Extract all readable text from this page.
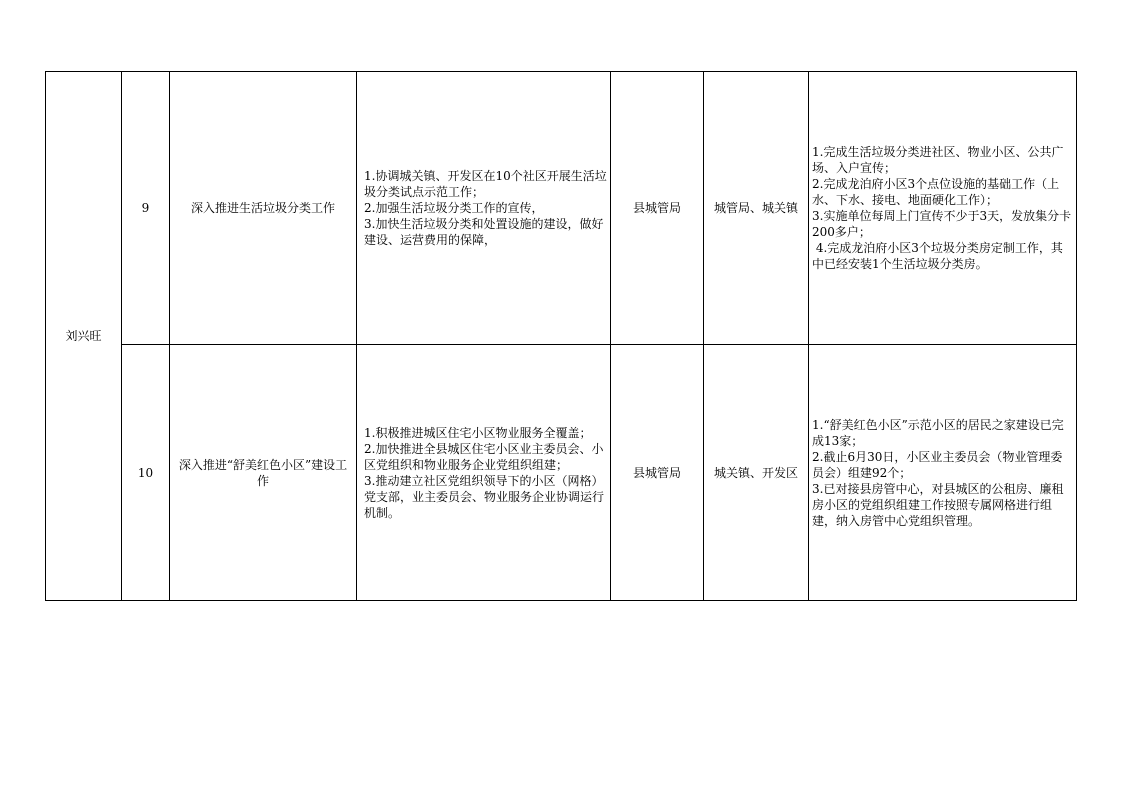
刘兴旺	9	深入推进生活垃圾分类工作	1.协调城关镇、开发区在10个社区开展生活垃圾分类试点示范工作；
2.加强生活垃圾分类工作的宣传，
3.加快生活垃圾分类和处置设施的建设，做好建设、运营费用的保障，	县城管局	城管局、城关镇	1.完成生活垃圾分类进社区、物业小区、公共广场、入户宣传；
2.完成龙泊府小区3个点位设施的基础工作（上水、下水、接电、地面硬化工作）；
3.实施单位每周上门宣传不少于3天，发放集分卡200多户；
4.完成龙泊府小区3个垃圾分类房定制工作，其中已经安装1个生活垃圾分类房。

	10	深入推进“舒美红色小区”建设工作	1.积极推进城区住宅小区物业服务全覆盖；
2.加快推进全县城区住宅小区业主委员会、小区党组织和物业服务企业党组织组建；
3.推动建立社区党组织领导下的小区（网格）党支部，业主委员会、物业服务企业协调运行机制。	县城管局	城关镇、开发区	1.“舒美红色小区”示范小区的居民之家建设已完成13家；
2.截止6月30日，小区业主委员会（物业管理委员会）组建92个；
3.已对接县房管中心，对县城区的公租房、廉租房小区的党组织组建工作按照专属网格进行组建，纳入房管中心党组织管理。
